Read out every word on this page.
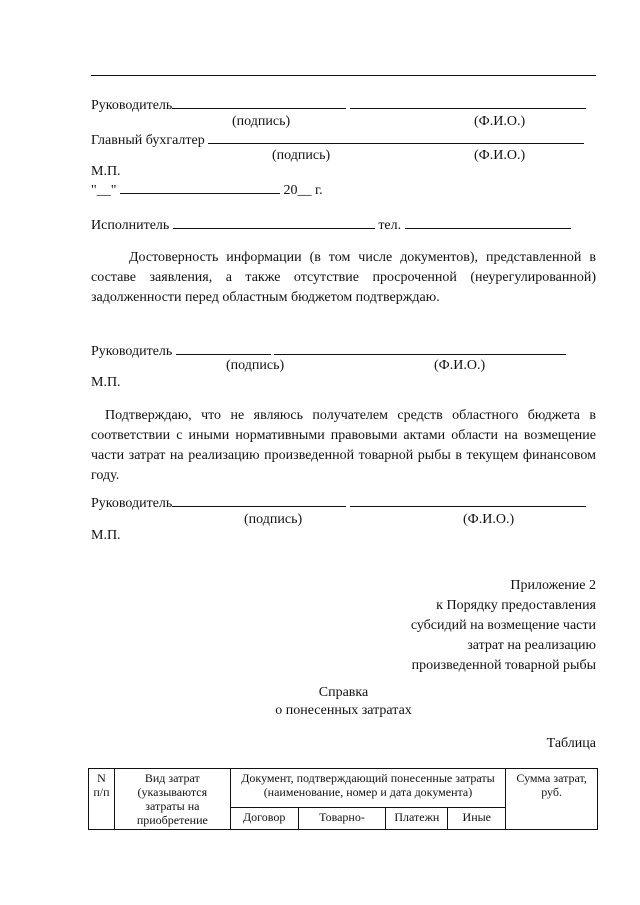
Руководитель
(подпись)	(Ф.И.О.)
Главный бухгалтер
(подпись)	(Ф.И.О.)
М.П.
"__"	20__ г.
Исполнитель	тел.
Достоверность информации (в том числе документов), представленной в составе заявления, а также отсутствие просроченной (неурегулированной) задолженности перед областным бюджетом подтверждаю.
Руководитель
(подпись)	(Ф.И.О.)
М.П.
Подтверждаю, что не являюсь получателем средств областного бюджета в соответствии с иными нормативными правовыми актами области на возмещение части затрат на реализацию произведенной товарной рыбы в текущем финансовом году.
Руководитель
(подпись)	(Ф.И.О.)
М.П.
Приложение 2
к Порядку предоставления
субсидий на возмещение части
затрат на реализацию
произведенной товарной рыбы
Справка
о понесенных затратах
Таблица
N п/п	Вид затрат (указываются затраты на приобретение	Документ, подтверждающий понесенные затраты (наименование, номер и дата документа)				Сумма затрат, руб.
		Договор	Товарно-	Платежн	Иные	
